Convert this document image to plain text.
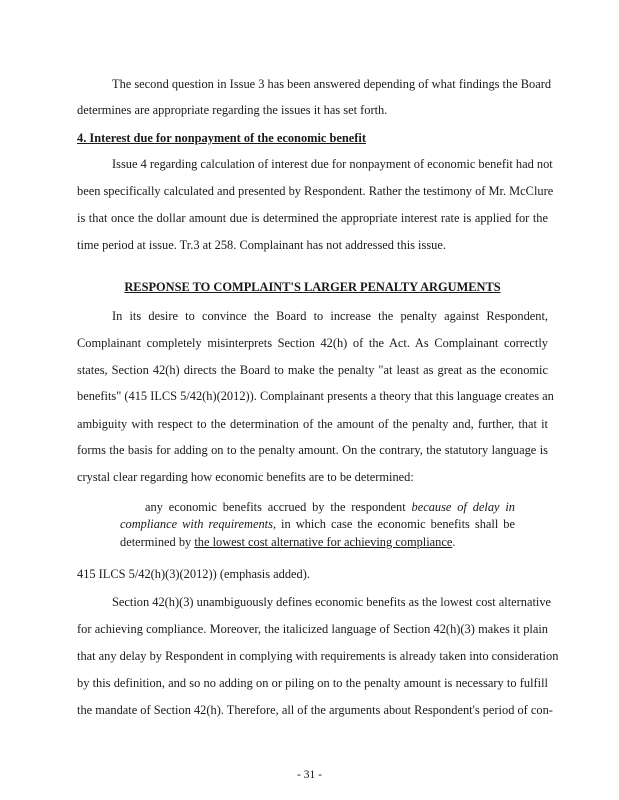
The second question in Issue 3 has been answered depending of what findings the Board
determines are appropriate regarding the issues it has set forth.
4. Interest due for nonpayment of the economic benefit
Issue 4 regarding calculation of interest due for nonpayment of economic benefit had not
been specifically calculated and presented by Respondent. Rather the testimony of Mr. McClure
is that once the dollar amount due is determined the appropriate interest rate is applied for the
time period at issue. Tr.3 at 258. Complainant has not addressed this issue.
RESPONSE TO COMPLAINT'S LARGER PENALTY ARGUMENTS
In its desire to convince the Board to increase the penalty against Respondent,
Complainant completely misinterprets Section 42(h) of the Act. As Complainant correctly
states, Section 42(h) directs the Board to make the penalty "at least as great as the economic
benefits" (415 ILCS 5/42(h)(2012)). Complainant presents a theory that this language creates an
ambiguity with respect to the determination of the amount of the penalty and, further, that it
forms the basis for adding on to the penalty amount. On the contrary, the statutory language is
crystal clear regarding how economic benefits are to be determined:
any economic benefits accrued by the respondent because of delay in
compliance with requirements, in which case the economic benefits shall be
determined by the lowest cost alternative for achieving compliance.
415 ILCS 5/42(h)(3)(2012)) (emphasis added).
Section 42(h)(3) unambiguously defines economic benefits as the lowest cost alternative
for achieving compliance. Moreover, the italicized language of Section 42(h)(3) makes it plain
that any delay by Respondent in complying with requirements is already taken into consideration
by this definition, and so no adding on or piling on to the penalty amount is necessary to fulfill
the mandate of Section 42(h). Therefore, all of the arguments about Respondent's period of con-
- 31 -
